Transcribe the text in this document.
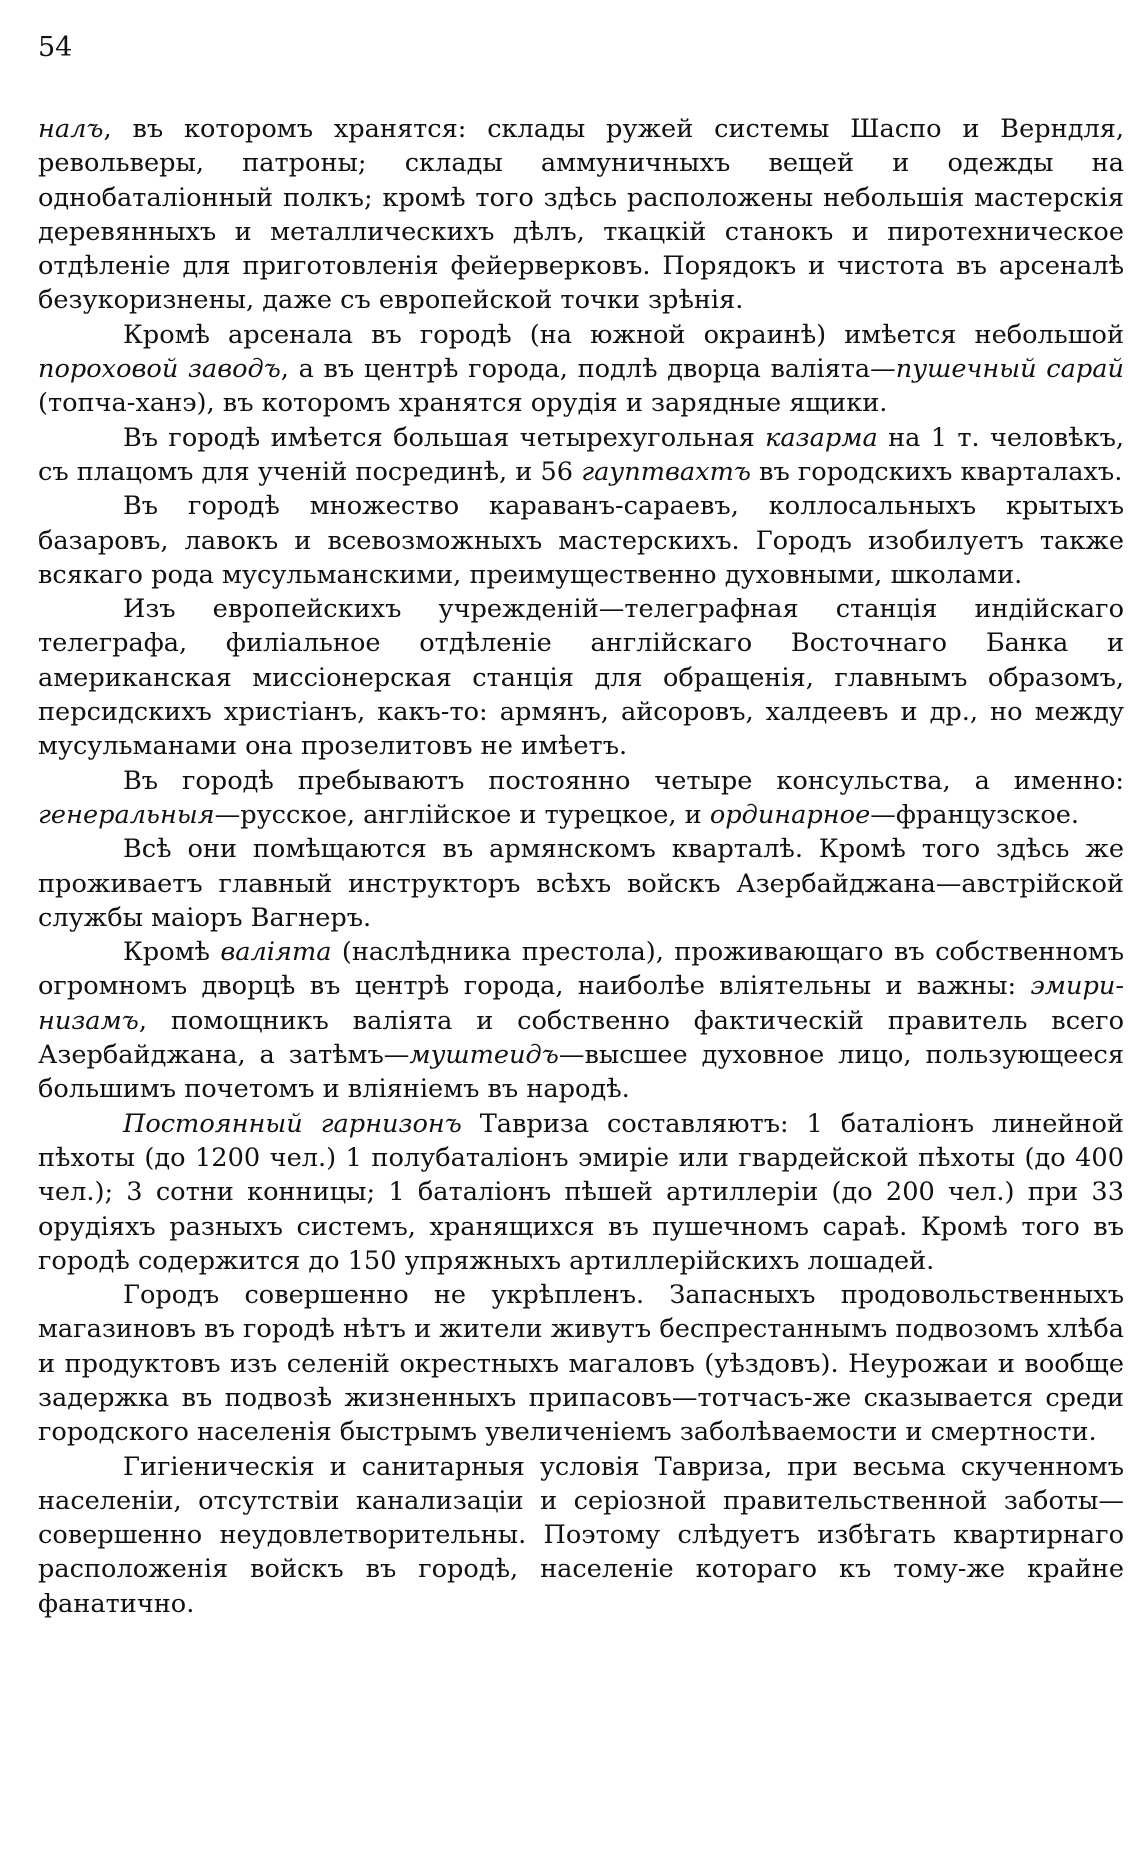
54

налъ, въ которомъ хранятся: склады ружей системы Шаспо и Верндля, револьверы, патроны; склады аммуничныхъ вещей и одежды на однобаталіонный полкъ; кромѣ того здѣсь расположены небольшія мастерскія деревянныхъ и металлическихъ дѣлъ, ткацкій станокъ и пиротехническое отдѣленіе для приготовленія фейерверковъ. Порядокъ и чистота въ арсеналѣ безукоризнены, даже съ европейской точки зрѣнія.

Кромѣ арсенала въ городѣ (на южной окраинѣ) имѣется небольшой пороховой заводъ, а въ центрѣ города, подлѣ дворца валіята—пушечный сарай (топча-ханэ), въ которомъ хранятся орудія и зарядные ящики.

Въ городѣ имѣется большая четырехугольная казарма на 1 т. человѣкъ, съ плацомъ для ученій посрединѣ, и 56 гауптвахтъ въ городскихъ кварталахъ.

Въ городѣ множество караванъ-сараевъ, коллосальныхъ крытыхъ базаровъ, лавокъ и всевозможныхъ мастерскихъ. Городъ изобилуетъ также всякаго рода мусульманскими, преимущественно духовными, школами.

Изъ европейскихъ учрежденій—телеграфная станція индійскаго телеграфа, филіальное отдѣленіе англійскаго Восточнаго Банка и американская миссіонерская станція для обращенія, главнымъ образомъ, персидскихъ христіанъ, какъ-то: армянъ, айсоровъ, халдеевъ и др., но между мусульманами она прозелитовъ не имѣетъ.

Въ городѣ пребываютъ постоянно четыре консульства, а именно: генеральныя—русское, англійское и турецкое, и ординарное—французское.

Всѣ они помѣщаются въ армянскомъ кварталѣ. Кромѣ того здѣсь же проживаетъ главный инструкторъ всѣхъ войскъ Азербайджана—австрійской службы маіоръ Вагнеръ.

Кромѣ валіята (наслѣдника престола), проживающаго въ собственномъ огромномъ дворцѣ въ центрѣ города, наиболѣе вліятельны и важны: эмири-низамъ, помощникъ валіята и собственно фактическій правитель всего Азербайджана, а затѣмъ—муштеидъ—высшее духовное лицо, пользующееся большимъ почетомъ и вліяніемъ въ народѣ.

Постоянный гарнизонъ Тавриза составляютъ: 1 баталіонъ линейной пѣхоты (до 1200 чел.) 1 полубаталіонъ эмиріе или гвардейской пѣхоты (до 400 чел.); 3 сотни конницы; 1 баталіонъ пѣшей артиллеріи (до 200 чел.) при 33 орудіяхъ разныхъ системъ, хранящихся въ пушечномъ сараѣ. Кромѣ того въ городѣ содержится до 150 упряжныхъ артиллерійскихъ лошадей.

Городъ совершенно не укрѣпленъ. Запасныхъ продовольственныхъ магазиновъ въ городѣ нѣтъ и жители живутъ беспрестаннымъ подвозомъ хлѣба и продуктовъ изъ селеній окрестныхъ магаловъ (уѣздовъ). Неурожаи и вообще задержка въ подвозѣ жизненныхъ припасовъ—тотчасъ-же сказывается среди городского населенія быстрымъ увеличеніемъ заболѣваемости и смертности.

Гигіеническія и санитарныя условія Тавриза, при весьма скученномъ населеніи, отсутствіи канализаціи и серіозной правительственной заботы—совершенно неудовлетворительны. Поэтому слѣдуетъ избѣгать квартирнаго расположенія войскъ въ городѣ, населеніе котораго къ тому-же крайне фанатично.
